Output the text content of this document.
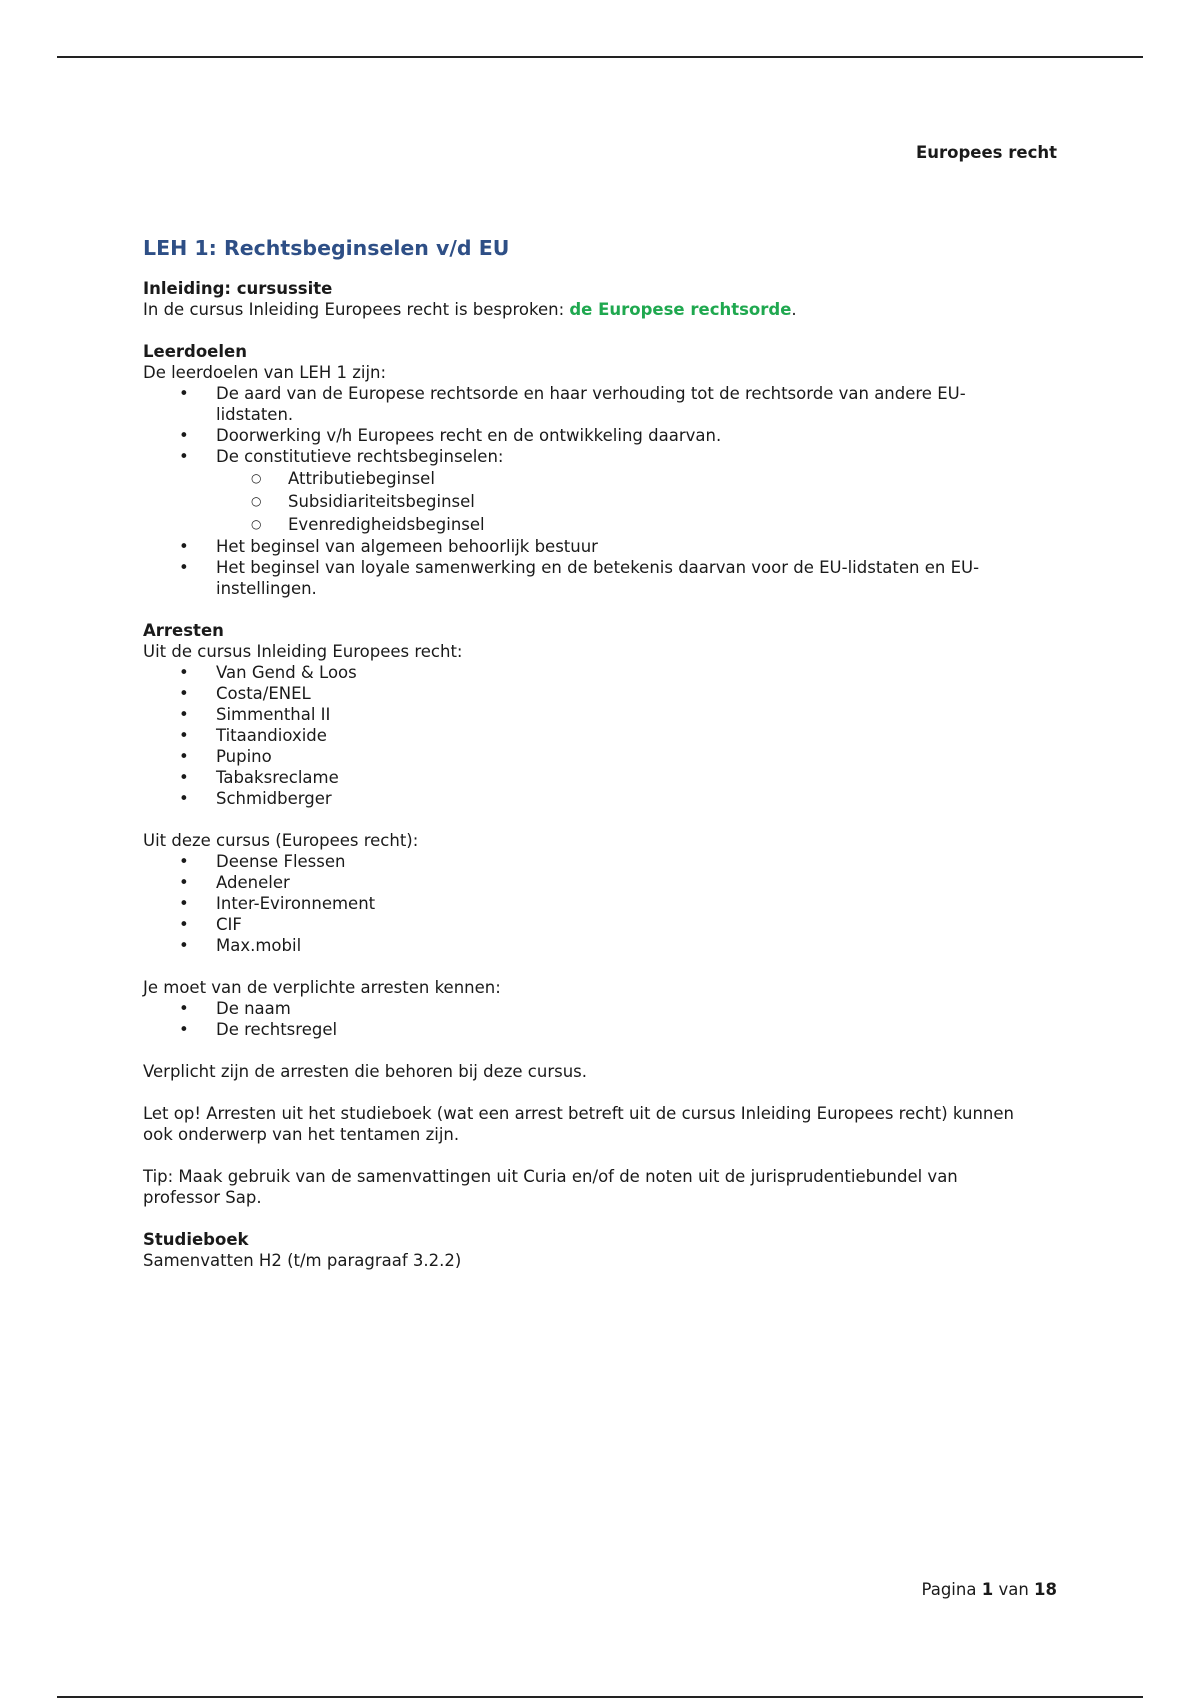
Europees recht
LEH 1: Rechtsbeginselen v/d EU

Inleiding: cursussite

In de cursus Inleiding Europees recht is besproken: de Europese rechtsorde.

Leerdoelen

De leerdoelen van LEH 1 zijn:

• De aard van de Europese rechtsorde en haar verhouding tot de rechtsorde van andere EU-lidstaten.
• Doorwerking v/h Europees recht en de ontwikkeling daarvan.
• De constitutieve rechtsbeginselen:
○ Attributiebeginsel
○ Subsidiariteitsbeginsel
○ Evenredigheidsbeginsel
• Het beginsel van algemeen behoorlijk bestuur
• Het beginsel van loyale samenwerking en de betekenis daarvan voor de EU-lidstaten en EU-instellingen.

Arresten

Uit de cursus Inleiding Europees recht:

• Van Gend & Loos
• Costa/ENEL
• Simmenthal II
• Titaandioxide
• Pupino
• Tabaksreclame
• Schmidberger

Uit deze cursus (Europees recht):

• Deense Flessen
• Adeneler
• Inter-Evironnement
• CIF
• Max.mobil

Je moet van de verplichte arresten kennen:

• De naam
• De rechtsregel

Verplicht zijn de arresten die behoren bij deze cursus.

Let op! Arresten uit het studieboek (wat een arrest betreft uit de cursus Inleiding Europees recht) kunnen ook onderwerp van het tentamen zijn.

Tip: Maak gebruik van de samenvattingen uit Curia en/of de noten uit de jurisprudentiebundel van professor Sap.

Studieboek

Samenvatten H2 (t/m paragraaf 3.2.2)

Pagina 1 van 18
